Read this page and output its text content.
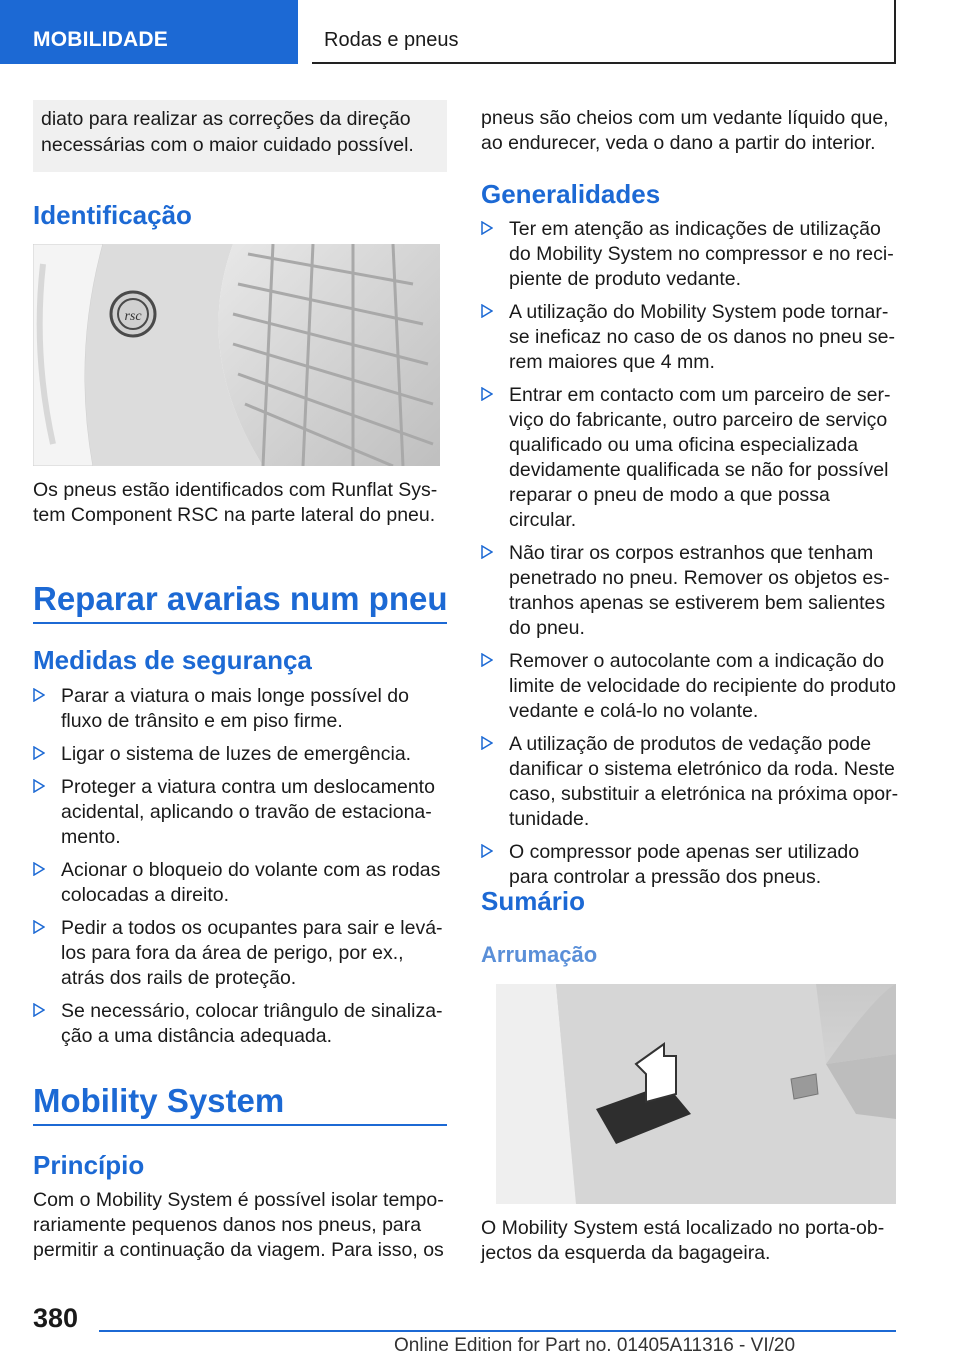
MOBILIDADE	Rodas e pneus
diato para realizar as correções da direção necessárias com o maior cuidado possível.
Identificação
rsc
Os pneus estão identificados com Runflat System Component RSC na parte lateral do pneu.
Reparar avarias num pneu
Medidas de segurança
Parar a viatura o mais longe possível do fluxo de trânsito e em piso firme.
Ligar o sistema de luzes de emergência.
Proteger a viatura contra um deslocamento acidental, aplicando o travão de estacionamento.
Acionar o bloqueio do volante com as rodas colocadas a direito.
Pedir a todos os ocupantes para sair e levá-los para fora da área de perigo, por ex., atrás dos rails de proteção.
Se necessário, colocar triângulo de sinalização a uma distância adequada.
Mobility System
Princípio
Com o Mobility System é possível isolar temporariamente pequenos danos nos pneus, para permitir a continuação da viagem. Para isso, os
pneus são cheios com um vedante líquido que, ao endurecer, veda o dano a partir do interior.
Generalidades
Ter em atenção as indicações de utilização do Mobility System no compressor e no recipiente de produto vedante.
A utilização do Mobility System pode tornar-se ineficaz no caso de os danos no pneu serem maiores que 4 mm.
Entrar em contacto com um parceiro de serviço do fabricante, outro parceiro de serviço qualificado ou uma oficina especializada devidamente qualificada se não for possível reparar o pneu de modo a que possa circular.
Não tirar os corpos estranhos que tenham penetrado no pneu. Remover os objetos estranhos apenas se estiverem bem salientes do pneu.
Remover o autocolante com a indicação do limite de velocidade do recipiente do produto vedante e colá-lo no volante.
A utilização de produtos de vedação pode danificar o sistema eletrónico da roda. Neste caso, substituir a eletrónica na próxima oportunidade.
O compressor pode apenas ser utilizado para controlar a pressão dos pneus.
Sumário
Arrumação
O Mobility System está localizado no porta-objectos da esquerda da bagageira.
380
Online Edition for Part no. 01405A11316 - VI/20
